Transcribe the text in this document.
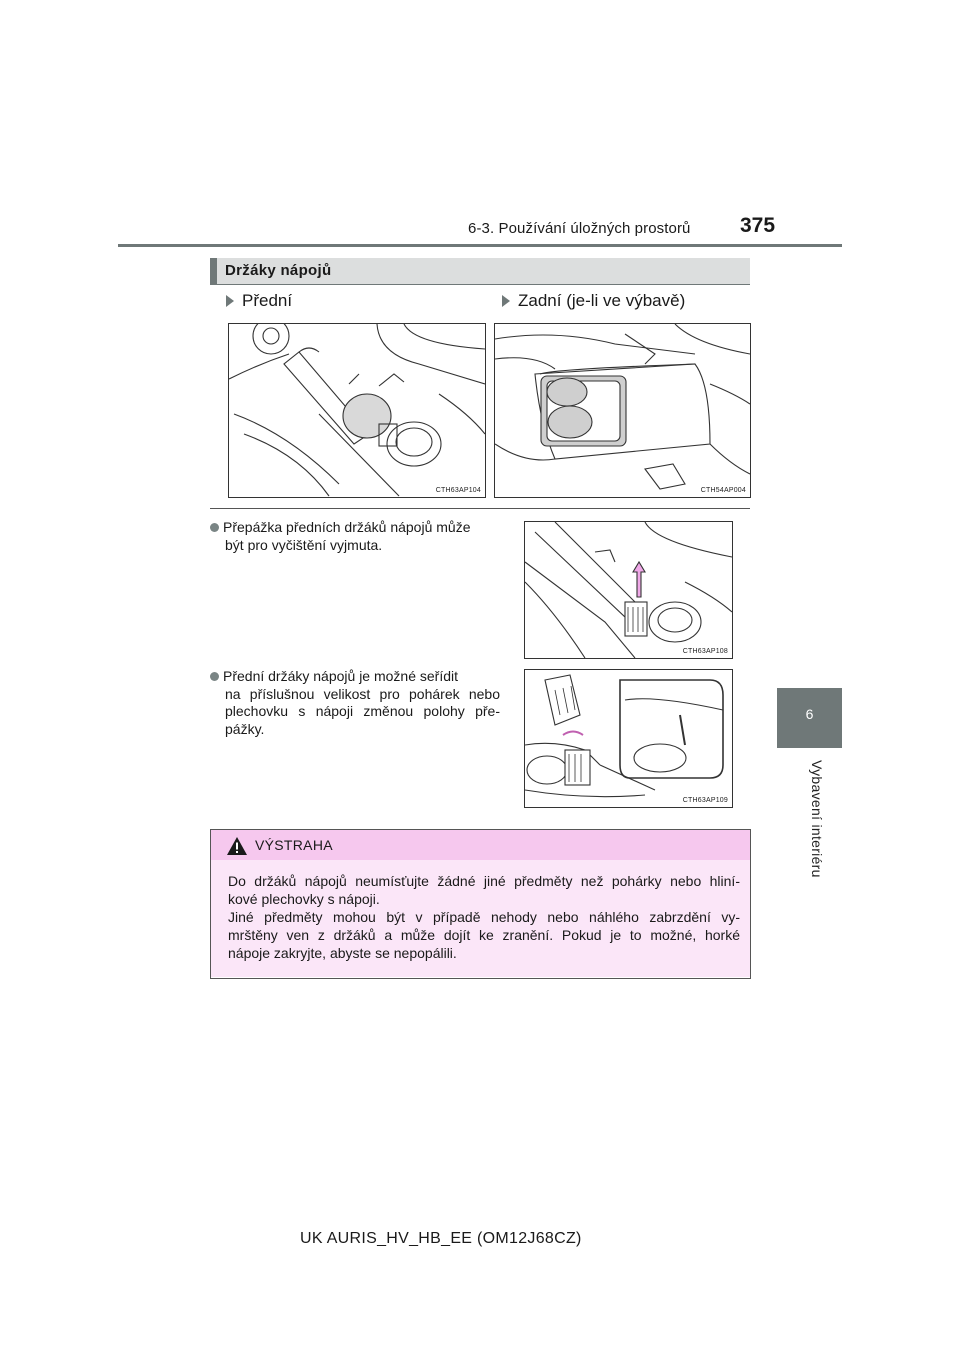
6-3. Používání úložných prostorů 375
6
Vybavení interiéru
Držáky nápojů
Přední	Zadní (je-li ve výbavě)
CTH63AP104	CTH54AP004
Přepážka předních držáků nápojů může
být pro vyčištění vyjmuta.
CTH63AP108
Přední držáky nápojů je možné seřídit
na příslušnou velikost pro pohárek nebo plechovku s nápoji změnou polohy pře-pážky.
CTH63AP109
VÝSTRAHA
Do držáků nápojů neumísťujte žádné jiné předměty než pohárky nebo hliní-
kové plechovky s nápoji.
Jiné předměty mohou být v případě nehody nebo náhlého zabrzdění vy-
mrštěny ven z držáků a může dojít ke zranění. Pokud je to možné, horké
nápoje zakryjte, abyste se nepopálili.
UK AURIS_HV_HB_EE (OM12J68CZ)
